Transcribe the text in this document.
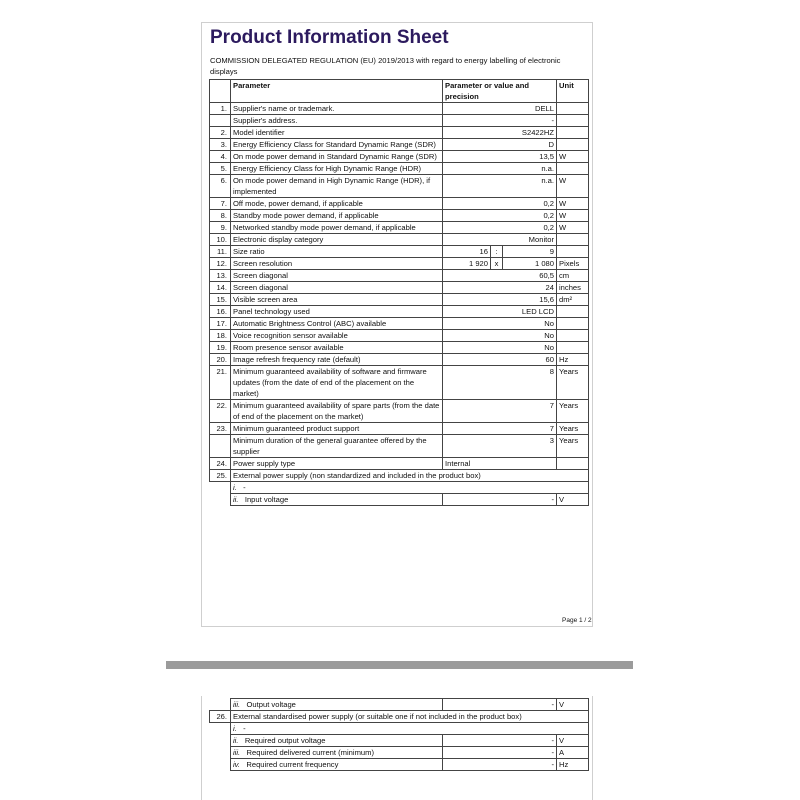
Product Information Sheet
COMMISSION DELEGATED REGULATION (EU) 2019/2013 with regard to energy labelling of electronic displays
	Parameter	Parameter or value and precision			Unit
1.	Supplier's name or trademark.	DELL			
	Supplier's address.	-			
2.	Model identifier	S2422HZ			
3.	Energy Efficiency Class for Standard Dynamic Range (SDR)	D			
4.	On mode power demand in Standard Dynamic Range (SDR)	13,5			W
5.	Energy Efficiency Class for High Dynamic Range (HDR)	n.a.			
6.	On mode power demand in High Dynamic Range (HDR), if implemented	n.a.			W
7.	Off mode, power demand, if applicable	0,2			W
8.	Standby mode power demand, if applicable	0,2			W
9.	Networked standby mode power demand, if applicable	0,2			W
10.	Electronic display category	Monitor			
11.	Size ratio	16	:	9	
12.	Screen resolution	1 920	x	1 080	Pixels
13.	Screen diagonal	60,5			cm
14.	Screen diagonal	24			inches
15.	Visible screen area	15,6			dm²
16.	Panel technology used	LED LCD			
17.	Automatic Brightness Control (ABC) available	No			
18.	Voice recognition sensor available	No			
19.	Room presence sensor available	No			
20.	Image refresh frequency rate (default)	60			Hz
21.	Minimum guaranteed availability of software and firmware updates (from the date of end of the placement on the market)	8			Years
22.	Minimum guaranteed availability of spare parts (from the date of end of the placement on the market)	7			Years
23.	Minimum guaranteed product support	7			Years
	Minimum duration of the general guarantee offered by the supplier	3			Years
24.	Power supply type	Internal			
25.	External power supply (non standardized and included in the product box)				
	i. -				
	ii. Input voltage	-			V
Page 1 / 2
	iii. Output voltage	-	V
26.	External standardised power supply (or suitable one if not included in the product box)		
	i. -		
	ii. Required output voltage	-	V
	iii. Required delivered current (minimum)	-	A
	iv. Required current frequency	-	Hz
